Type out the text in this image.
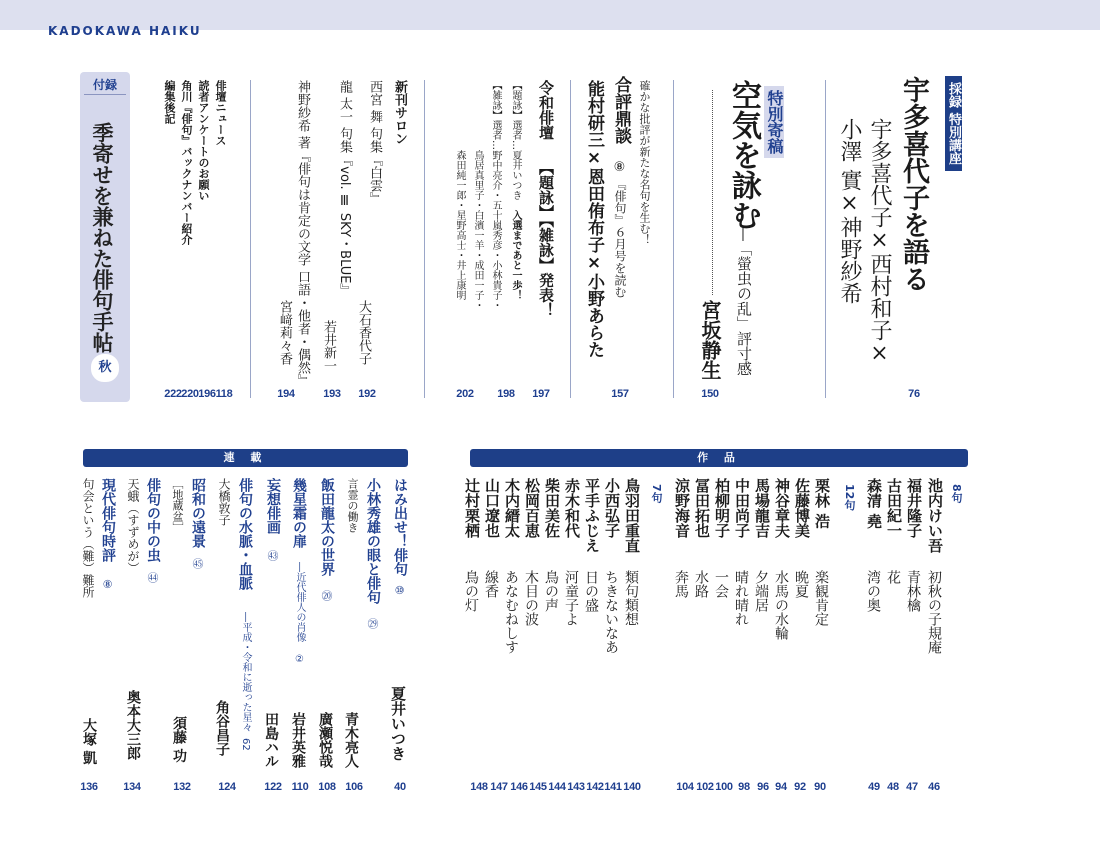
KADOKAWA HAIKU
採録 特別講座
宇多喜代子を語る
宇多喜代子×西村和子×
小澤 實×神野紗希
76
特別寄稿
空気を詠む
―「螢虫の乱」評寸感
宮坂静生
150
確かな批評が新たな名句を生む！
合評鼎談
⑧
『俳句』６月号を読む
能村研三×恩田侑布子×小野あらた
157
令和俳壇
【題詠】【雑詠】発表！
【題詠】選者…夏井いつき
入選まであと一歩！
【雑詠】選者…野中亮介・五十嵐秀彦・小林貴子・
鳥居真里子・白濱一羊・成田一子・
森田純一郎・星野高士・井上康明
197
198
202
新刊サロン
西宮 舞 句集『白雲』
大石香代子
192
龍 太一 句集『vol. Ⅲ SKY・BLUE』
若井新一
193
神野紗希 著『俳句は肯定の文学 口語・他者・偶然』
宮﨑莉々香
194
俳壇ニュース
読者アンケートのお願い
角川『俳句』バックナンバー紹介
編集後記
118
196
220
222
付録
季寄せを兼ねた俳句手帖
秋
連 載	作 品
はみ出せ！俳句
⑩
夏井いつき
40
小林秀雄の眼と俳句
㉙
言霊の働き
青木亮人
106
飯田龍太の世界
⑳
廣瀬悦哉
108
幾星霜の扉
―近代俳人の肖像
②
岩井英雅
110
妄想俳画
㊸
田島ハル
122
俳句の水脈・血脈
―平成・令和に逝った星々
62
大橋敦子
角谷昌子
124
昭和の遠景
㊺
［地蔵盆］
須藤 功
132
俳句の中の虫
㊹
天蛾（すずめが）
奥本大三郎
134
現代俳句時評
⑧
句会という（難）難所
大塚 凱
136
8句
池内けい吾
初秋の子規庵
46
福井隆子
青林檎
47
古田紀一
花
48
森清 堯
湾の奥
49
12句
栗林 浩
楽観肯定
90
佐藤博美
晩夏
92
神谷章夫
水馬の水輪
94
馬場龍吉
夕端居
96
中田尚子
晴れ晴れ
98
柏柳明子
一会
100
冨田拓也
水路
102
涼野海音
奔馬
104
7句
鳥羽田重直
類句類想
140
小西弘子
ちきないなあ
141
平手ふじえ
日の盛
142
赤木和代
河童子よ
143
柴田美佐
鳥の声
144
松岡百恵
木目の波
145
木内縉太
あなむねしす
146
山口遼也
線香
147
辻村栗栖
鳥の灯
148
